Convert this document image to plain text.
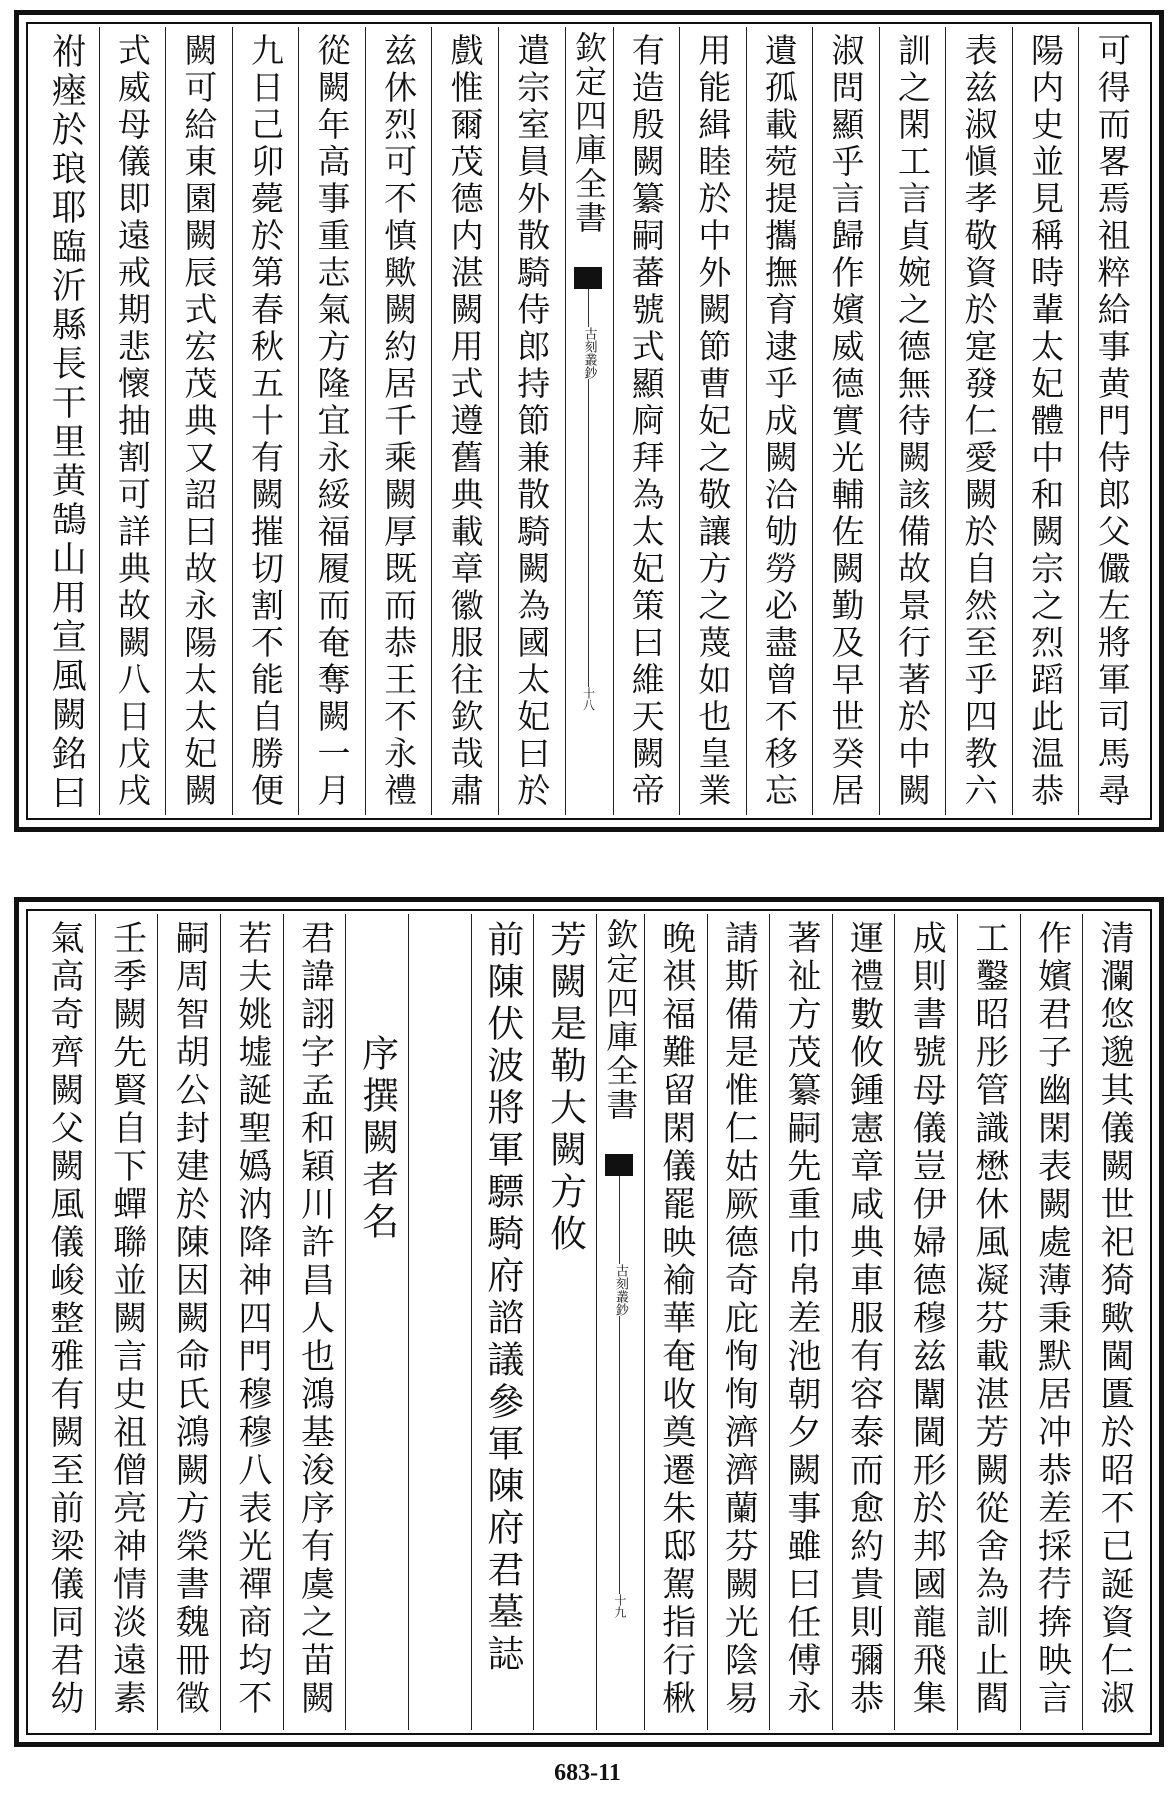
可得而畧焉祖粹給事黄門侍郎父儼左將軍司馬尋
陽内史並見稱時輩太妃體中和闕宗之烈蹈此温恭
表兹淑愼孝敬資於寔發仁愛闕於自然至乎四教六
訓之閑工言貞婉之德無待闕該備故景行著於中闕
淑問顯乎言歸作嬪威德實光輔佐闕勤及早世癸居
遺孤載菀提攜撫育逮乎成闕洽劬勞必盡曾不移忘
用能緝睦於中外闕節曹妃之敬讓方之蔑如也皇業
有造殷闕纂嗣蕃號式顯㢌拜為太妃策曰維天闕帝
欽定四庫全書
古刻叢鈔
十八
遣宗室員外散騎侍郎持節兼散騎闕為國太妃曰於
戲惟爾茂德内湛闕用式遵舊典載章徽服往欽哉肅
兹休烈可不慎歟闕約居千乘闕厚既而恭王不永禮
從闕年高事重志氣方隆宜永綏福履而奄奪闕一月
九日己卯薨於第春秋五十有闕摧切割不能自勝便
闕可給東園闕辰式宏茂典又詔曰故永陽太太妃闕
式威母儀即遠戒期悲懷抽割可詳典故闕八日戊戌
祔瘞於琅耶臨沂縣長干里黄鵠山用宣風闕銘曰
清瀾悠邈其儀闕世祀猗歟閫匱於昭不已誕資仁淑
作嬪君子幽閑表闕處薄秉默居冲恭差採荇捹映言
工鑿昭彤管識懋休風凝芬載湛芳闕從舍為訓止閻
成則書號母儀豈伊婦德穆兹闈閫形於邦國龍飛集
運禮數攸鍾憲章咸典車服有容泰而愈約貴則彌恭
著祉方茂纂嗣先重巾帛差池朝夕闕事雖曰任傅永
請斯備是惟仁姑厥德奇庇恂恂濟濟蘭芬闕光陰易
晚祺福難留閑儀罷映褕華奄收奠遷朱邸駕指行楸
欽定四庫全書
古刻叢鈔
十九
芳闕是勒大闕方攸
前陳伏波將軍驃騎府諮議參軍陳府君墓誌
序撰闕者名
君諱詡字孟和穎川許昌人也鴻基浚序有虞之苗闕
若夫姚墟誕聖嬀汭降神四門穆穆八表光禪商均不
嗣周智胡公封建於陳因闕命氏鴻闕方榮書魏冊徵
壬季闕先賢自下蟬聯並闕言史祖僧亮神情淡遠素
氣高奇齊闕父闕風儀峻整雅有闕至前梁儀同君幼
683-11
